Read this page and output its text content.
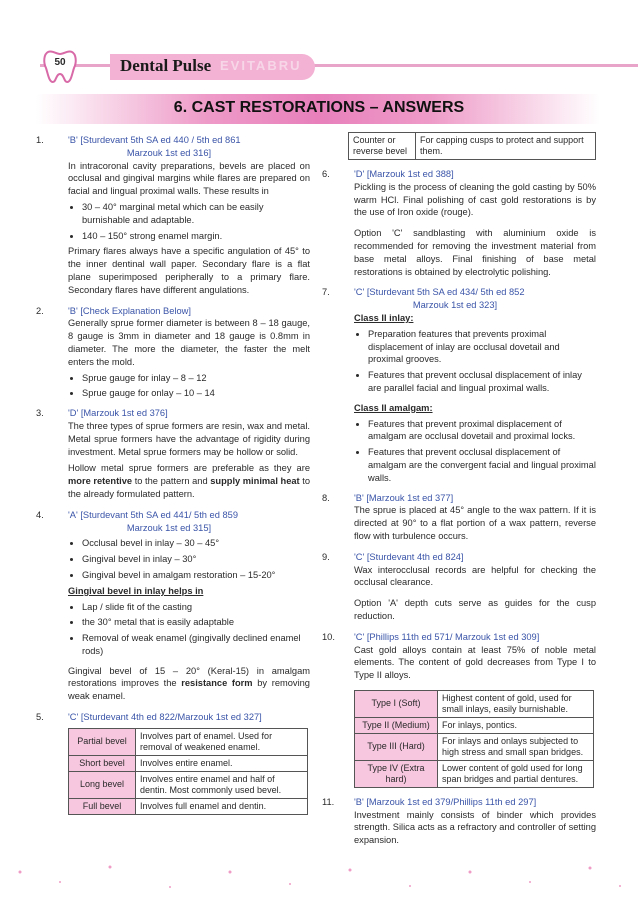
50	Dental Pulse EVITABRU
6. CAST RESTORATIONS – ANSWERS
1.	'B' [Sturdevant 5th SA ed 440 / 5th ed 861
Marzouk 1st ed 316]

In intracoronal cavity preparations, bevels are placed on occlusal and gingival margins while flares are prepared on facial and lingual proximal walls. These results in

• 30 – 40° marginal metal which can be easily burnishable and adaptable.
• 140 – 150° strong enamel margin.

Primary flares always have a specific angulation of 45° to the inner dentinal wall paper. Secondary flare is a flat plane superimposed peripherally to a primary flare. Secondary flares have different angulations.

2.	'B' [Check Explanation Below]

Generally sprue former diameter is between 8 – 18 gauge, 8 gauge is 3mm in diameter and 18 gauge is 0.8mm in diameter. The more the diameter, the faster the melt enters the mold.

• Sprue gauge for inlay – 8 – 12
• Sprue gauge for onlay – 10 – 14
3.	'D' [Marzouk 1st ed 376]

The three types of sprue formers are resin, wax and metal. Metal sprue formers have the advantage of rigidity during investment. Metal sprue formers may be hollow or solid.

Hollow metal sprue formers are preferable as they are more retentive to the pattern and supply minimal heat to the already formulated pattern.

4.	'A' [Sturdevant 5th SA ed 441/ 5th ed 859
Marzouk 1st ed 315]
• Occlusal bevel in inlay – 30 – 45°
• Gingival bevel in inlay – 30°
• Gingival bevel in amalgam restoration – 15-20°
Gingival bevel in inlay helps in
• Lap / slide fit of the casting
• the 30° metal that is easily adaptable
• Removal of weak enamel (gingivally declined enamel rods)

Gingival bevel of 15 – 20° (Keral-15) in amalgam restorations improves the resistance form by removing weak enamel.

5.	'C' [Sturdevant 4th ed 822/Marzouk 1st ed 327]
Partial bevel	Involves part of enamel. Used for removal of weakened enamel.
Short bevel	Involves entire enamel.
Long bevel	Involves entire enamel and half of dentin. Most commonly used bevel.
Full bevel	Involves full enamel and dentin.
Counter or reverse bevel	For capping cusps to protect and support them.
6.	'D' [Marzouk 1st ed 388]

Pickling is the process of cleaning the gold casting by 50% warm HCl. Final polishing of cast gold restorations is by the use of Iron oxide (rouge).

Option 'C' sandblasting with aluminium oxide is recommended for removing the investment material from base metal alloys. Final finishing of base metal restorations is obtained by electrolytic polishing.

7.	'C' [Sturdevant 5th SA ed 434/ 5th ed 852
Marzouk 1st ed 323]
Class II inlay:
• Preparation features that prevents proximal displacement of inlay are occlusal dovetail and proximal grooves.
• Features that prevent occlusal displacement of inlay are parallel facial and lingual proximal walls.
Class II amalgam:
• Features that prevent proximal displacement of amalgam are occlusal dovetail and proximal locks.
• Features that prevent occlusal displacement of amalgam are the convergent facial and lingual proximal walls.
8.	'B' [Marzouk 1st ed 377]

The sprue is placed at 45° angle to the wax pattern. If it is directed at 90° to a flat portion of a wax pattern, reverse flow with turbulence occurs.

9.	'C' [Sturdevant 4th ed 824]

Wax interocclusal records are helpful for checking the occlusal clearance.

Option 'A' depth cuts serve as guides for the cusp reduction.

10. 'C' [Phillips 11th ed 571/ Marzouk 1st ed 309]

Cast gold alloys contain at least 75% of noble metal elements. The content of gold decreases from Type I to Type II alloys.

Type I (Soft)	Highest content of gold, used for small inlays, easily burnishable.
Type II (Medium)	For inlays, pontics.
Type III (Hard)	For inlays and onlays subjected to high stress and small span bridges.
Type IV (Extra hard)	Lower content of gold used for long span bridges and partial dentures.
11. 'B' [Marzouk 1st ed 379/Phillips 11th ed 297]

Investment mainly consists of binder which provides strength. Silica acts as a refractory and controller of setting expansion.
